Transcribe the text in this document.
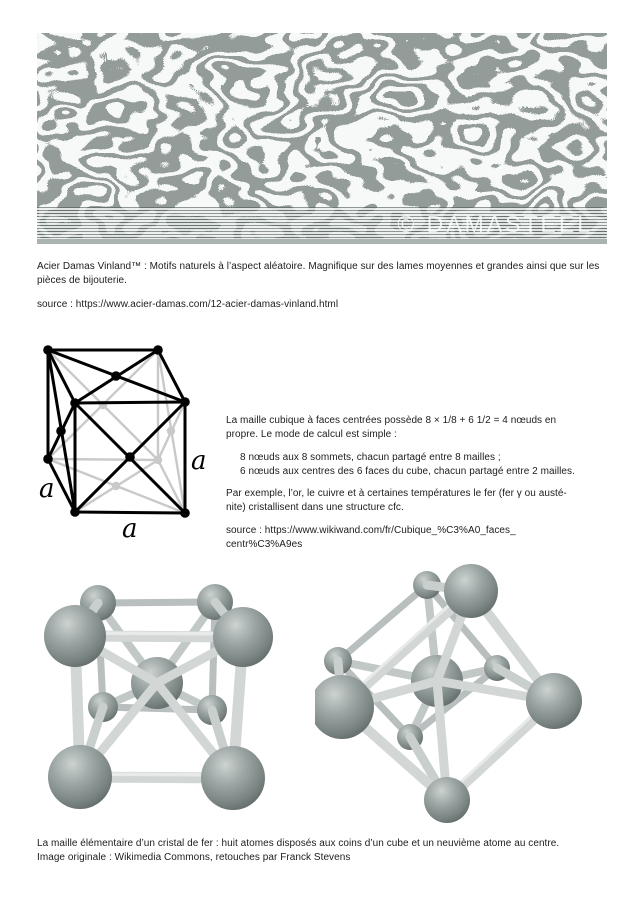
© DAMASTEEL
Acier Damas Vinland™ : Motifs naturels à l’aspect aléatoire. Magnifique sur des lames moyennes et grandes ainsi que sur les
pièces de bijouterie.
source : https://www.acier-damas.com/12-acier-damas-vinland.html
a
a
a
La maille cubique à faces centrées possède 8 × 1/8 + 6 1/2 = 4 nœuds en
propre. Le mode de calcul est simple :
8 nœuds aux 8 sommets, chacun partagé entre 8 mailles ;
6 nœuds aux centres des 6 faces du cube, chacun partagé entre 2 mailles.
Par exemple, l’or, le cuivre et à certaines températures le fer (fer γ ou austé-
nite) cristallisent dans une structure cfc.
source : https://www.wikiwand.com/fr/Cubique_%C3%A0_faces_
centr%C3%A9es
La maille élémentaire d’un cristal de fer : huit atomes disposés aux coins d’un cube et un neuvième atome au centre.
Image originale : Wikimedia Commons, retouches par Franck Stevens
